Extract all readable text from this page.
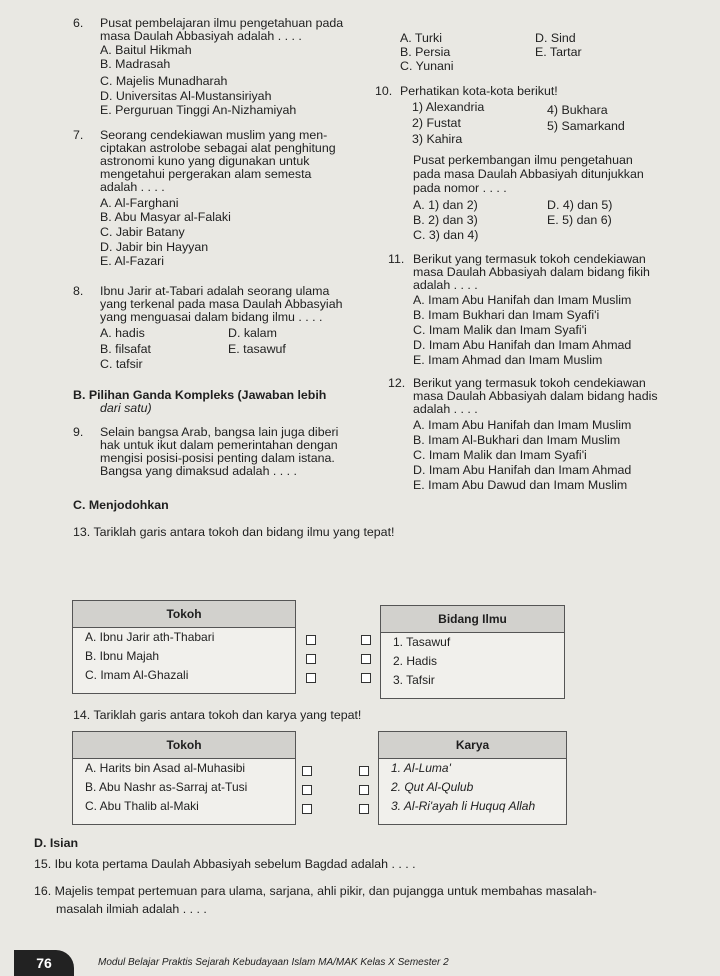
6. Pusat pembelajaran ilmu pengetahuan pada
masa Daulah Abbasiyah adalah . . . .
A. Baitul Hikmah
B. Madrasah
C. Majelis Munadharah
D. Universitas Al-Mustansiriyah
E. Perguruan Tinggi An-Nizhamiyah
7. Seorang cendekiawan muslim yang men-
ciptakan astrolobe sebagai alat penghitung
astronomi kuno yang digunakan untuk
mengetahui pergerakan alam semesta
adalah . . . .
A. Al-Farghani
B. Abu Masyar al-Falaki
C. Jabir Batany
D. Jabir bin Hayyan
E. Al-Fazari
8. Ibnu Jarir at-Tabari adalah seorang ulama
yang terkenal pada masa Daulah Abbasyiah
yang menguasai dalam bidang ilmu . . . .
A. hadis
B. filsafat
C. tafsir
D. kalam
E. tasawuf
B. Pilihan Ganda Kompleks (Jawaban lebih
dari satu)
9. Selain bangsa Arab, bangsa lain juga diberi
hak untuk ikut dalam pemerintahan dengan
mengisi posisi-posisi penting dalam istana.
Bangsa yang dimaksud adalah . . . .
A. Turki
B. Persia
C. Yunani
D. Sind
E. Tartar
10. Perhatikan kota-kota berikut!
1) Alexandria
2) Fustat
3) Kahira
4) Bukhara
5) Samarkand
Pusat perkembangan ilmu pengetahuan
pada masa Daulah Abbasiyah ditunjukkan
pada nomor . . . .
A. 1) dan 2)
B. 2) dan 3)
C. 3) dan 4)
D. 4) dan 5)
E. 5) dan 6)
11. Berikut yang termasuk tokoh cendekiawan
masa Daulah Abbasiyah dalam bidang fikih
adalah . . . .
A. Imam Abu Hanifah dan Imam Muslim
B. Imam Bukhari dan Imam Syafi'i
C. Imam Malik dan Imam Syafi'i
D. Imam Abu Hanifah dan Imam Ahmad
E. Imam Ahmad dan Imam Muslim
12. Berikut yang termasuk tokoh cendekiawan
masa Daulah Abbasiyah dalam bidang hadis
adalah . . . .
A. Imam Abu Hanifah dan Imam Muslim
B. Imam Al-Bukhari dan Imam Muslim
C. Imam Malik dan Imam Syafi'i
D. Imam Abu Hanifah dan Imam Ahmad
E. Imam Abu Dawud dan Imam Muslim
C. Menjodohkan
13. Tariklah garis antara tokoh dan bidang ilmu yang tepat!
Tokoh
A. Ibnu Jarir ath-Thabari
B. Ibnu Majah
C. Imam Al-Ghazali
Bidang Ilmu
1. Tasawuf
2. Hadis
3. Tafsir
14. Tariklah garis antara tokoh dan karya yang tepat!
Tokoh
A. Harits bin Asad al-Muhasibi
B. Abu Nashr as-Sarraj at-Tusi
C. Abu Thalib al-Maki
Karya
1. Al-Luma'
2. Qut Al-Qulub
3. Al-Ri'ayah li Huquq Allah
D. Isian
15. Ibu kota pertama Daulah Abbasiyah sebelum Bagdad adalah . . . .
16. Majelis tempat pertemuan para ulama, sarjana, ahli pikir, dan pujangga untuk membahas masalah-
masalah ilmiah adalah . . . .
76	Modul Belajar Praktis Sejarah Kebudayaan Islam MA/MAK Kelas X Semester 2
